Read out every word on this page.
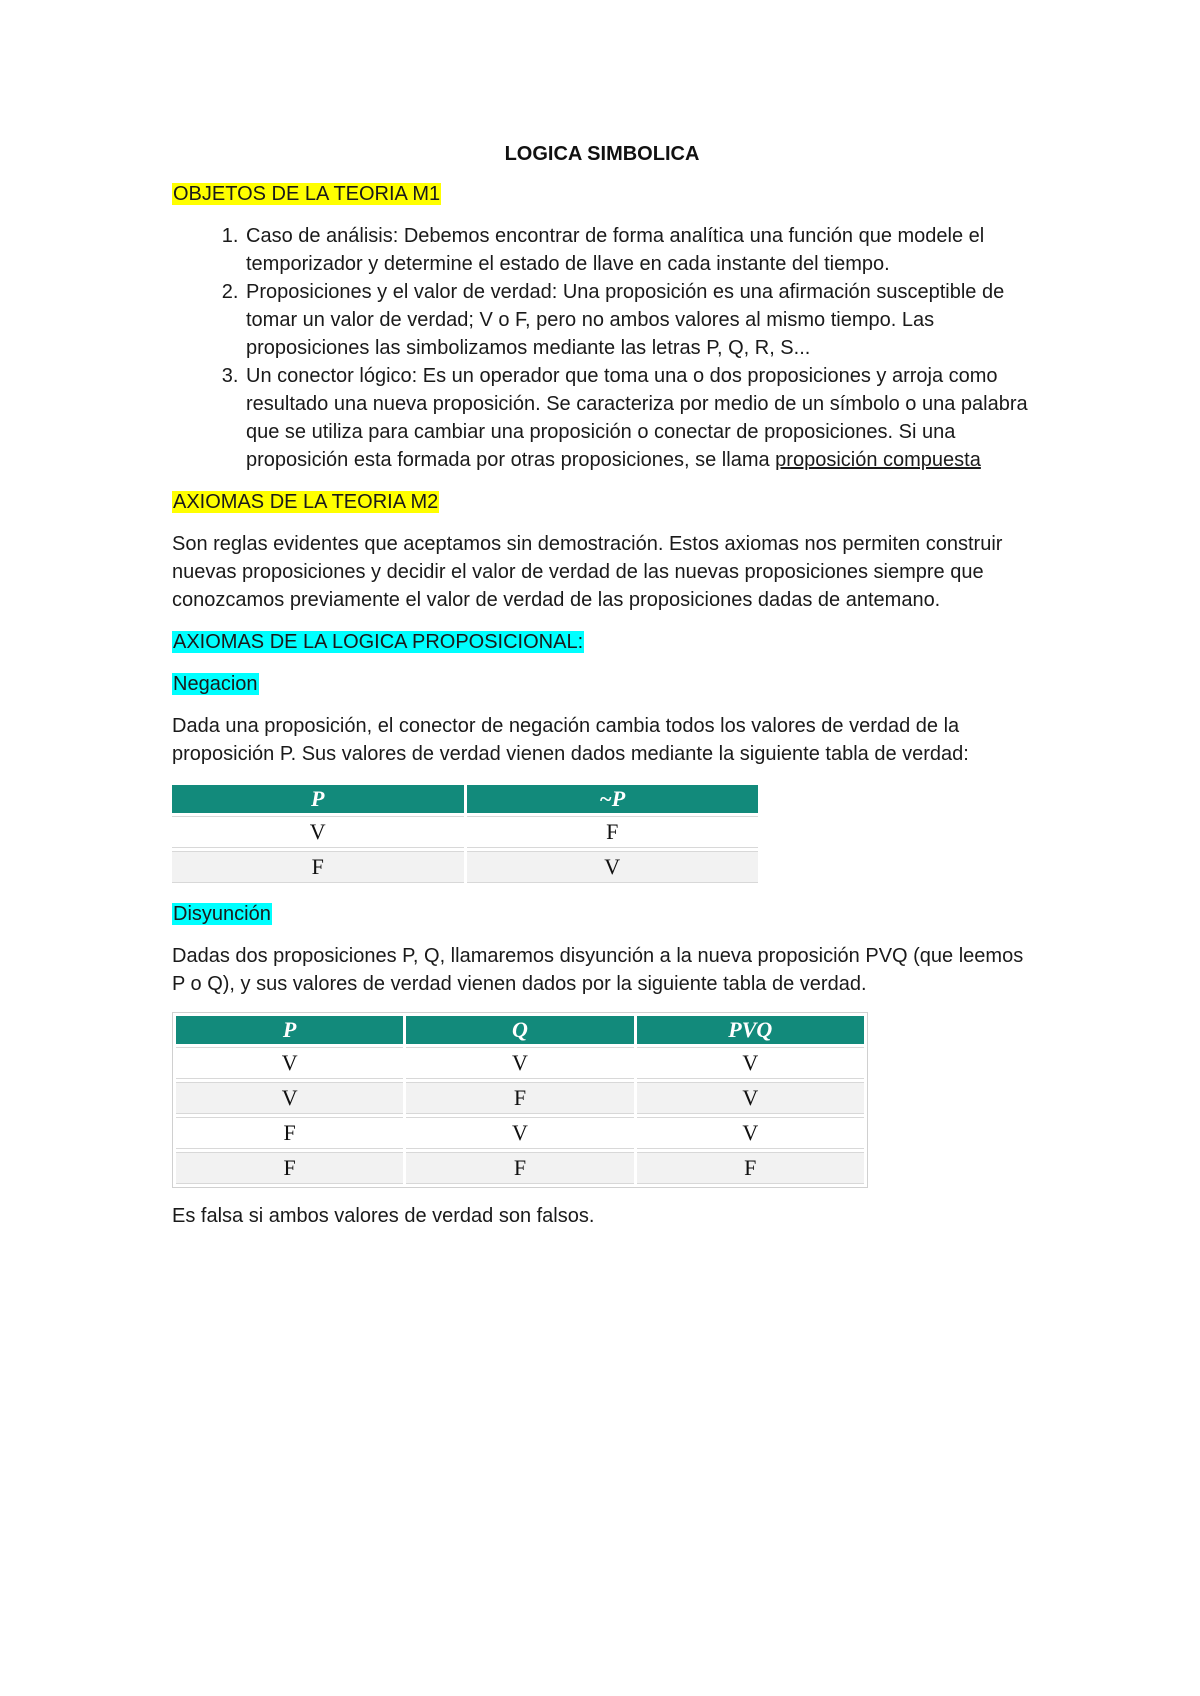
LOGICA SIMBOLICA
OBJETOS DE LA TEORIA M1
1. Caso de análisis: Debemos encontrar de forma analítica una función que modele el temporizador y determine el estado de llave en cada instante del tiempo.
2. Proposiciones y el valor de verdad: Una proposición es una afirmación susceptible de tomar un valor de verdad; V o F, pero no ambos valores al mismo tiempo. Las proposiciones las simbolizamos mediante las letras P, Q, R, S...
3. Un conector lógico: Es un operador que toma una o dos proposiciones y arroja como resultado una nueva proposición. Se caracteriza por medio de un símbolo o una palabra que se utiliza para cambiar una proposición o conectar de proposiciones. Si una proposición esta formada por otras proposiciones, se llama proposición compuesta
AXIOMAS DE LA TEORIA M2
Son reglas evidentes que aceptamos sin demostración. Estos axiomas nos permiten construir nuevas proposiciones y decidir el valor de verdad de las nuevas proposiciones siempre que conozcamos previamente el valor de verdad de las proposiciones dadas de antemano.
AXIOMAS DE LA LOGICA PROPOSICIONAL:
Negacion
Dada una proposición, el conector de negación cambia todos los valores de verdad de la proposición P. Sus valores de verdad vienen dados mediante la siguiente tabla de verdad:
P	~P
V	F
F	V
Disyunción
Dadas dos proposiciones P, Q, llamaremos disyunción a la nueva proposición PVQ (que leemos P o Q), y sus valores de verdad vienen dados por la siguiente tabla de verdad.
P	Q	PVQ
V	V	V
V	F	V
F	V	V
F	F	F
Es falsa si ambos valores de verdad son falsos.
